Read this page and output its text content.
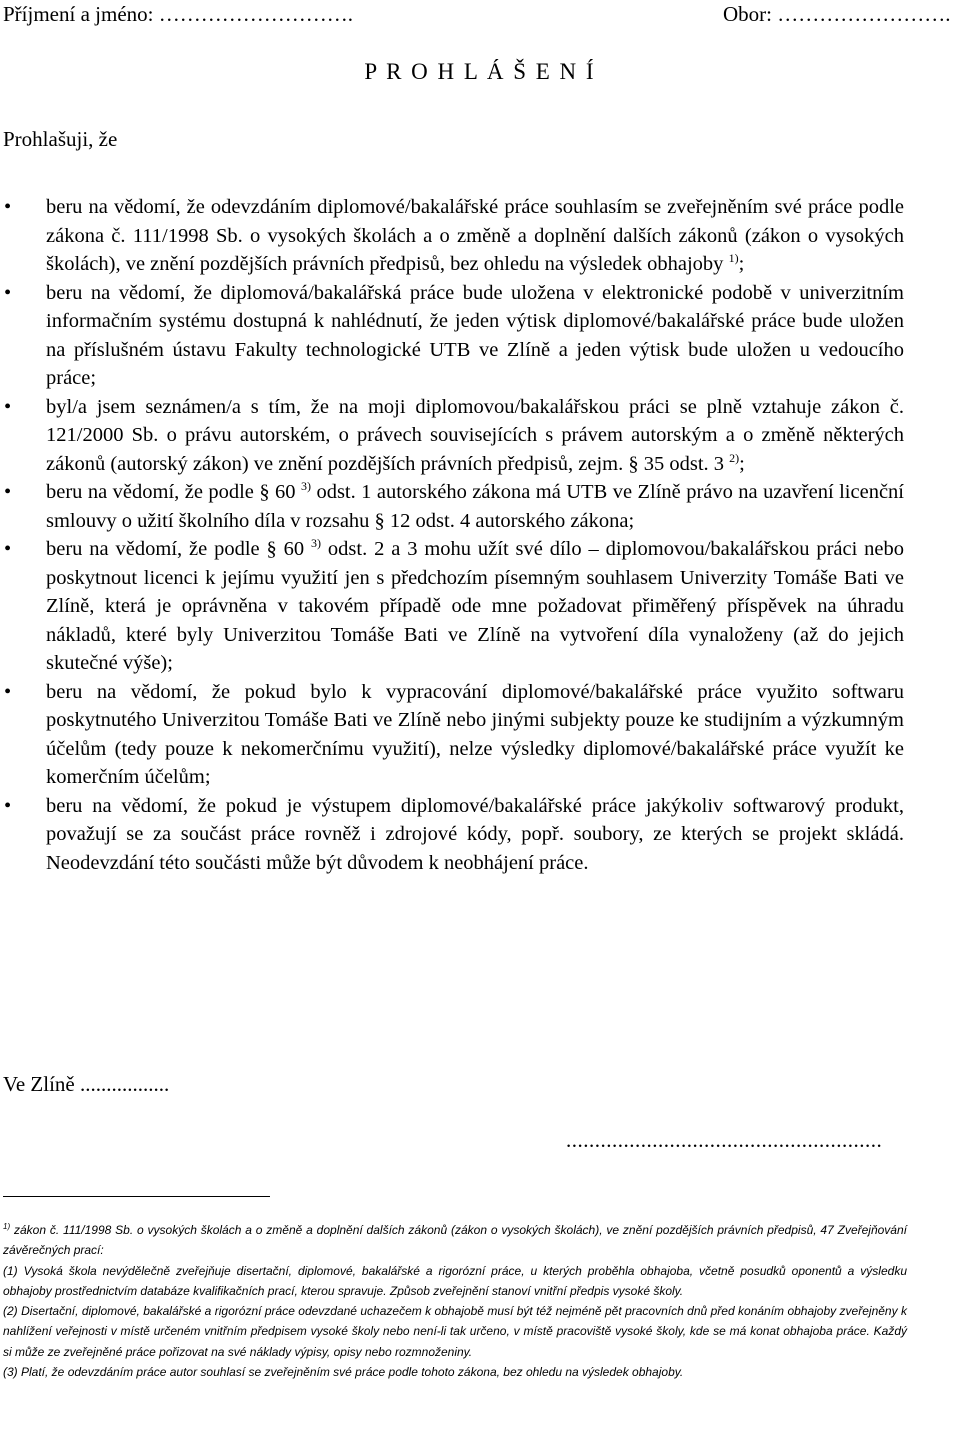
Příjmení a jméno: ……………………….	Obor: …………………….
P R O H L Á Š E N Í
Prohlašuji, že
•	beru na vědomí, že odevzdáním diplomové/bakalářské práce souhlasím se zveřejněním své práce podle zákona č. 111/1998 Sb. o vysokých školách a o změně a doplnění dalších zákonů (zákon o vysokých školách), ve znění pozdějších právních předpisů, bez ohledu na výsledek obhajoby $^{1)}$;
•	beru na vědomí, že diplomová/bakalářská práce bude uložena v elektronické podobě v univerzitním informačním systému dostupná k nahlédnutí, že jeden výtisk diplomové/bakalářské práce bude uložen na příslušném ústavu Fakulty technologické UTB ve Zlíně a jeden výtisk bude uložen u vedoucího práce;
•	byl/a jsem seznámen/a s tím, že na moji diplomovou/bakalářskou práci se plně vztahuje zákon č. 121/2000 Sb. o právu autorském, o právech souvisejících s právem autorským a o změně některých zákonů (autorský zákon) ve znění pozdějších právních předpisů, zejm. § 35 odst. 3 $^{2)}$;
•	beru na vědomí, že podle § 60 $^{3)}$ odst. 1 autorského zákona má UTB ve Zlíně právo na uzavření licenční smlouvy o užití školního díla v rozsahu § 12 odst. 4 autorského zákona;
•	beru na vědomí, že podle § 60 $^{3)}$ odst. 2 a 3 mohu užít své dílo – diplomovou/bakalářskou práci nebo poskytnout licenci k jejímu využití jen s předchozím písemným souhlasem Univerzity Tomáše Bati ve Zlíně, která je oprávněna v takovém případě ode mne požadovat přiměřený příspěvek na úhradu nákladů, které byly Univerzitou Tomáše Bati ve Zlíně na vytvoření díla vynaloženy (až do jejich skutečné výše);
•	beru na vědomí, že pokud bylo k vypracování diplomové/bakalářské práce využito softwaru poskytnutého Univerzitou Tomáše Bati ve Zlíně nebo jinými subjekty pouze ke studijním a výzkumným účelům (tedy pouze k nekomerčnímu využití), nelze výsledky diplomové/bakalářské práce využít ke komerčním účelům;
•	beru na vědomí, že pokud je výstupem diplomové/bakalářské práce jakýkoliv softwarový produkt, považují se za součást práce rovněž i zdrojové kódy, popř. soubory, ze kterých se projekt skládá. Neodevzdání této součásti může být důvodem k neobhájení práce.
Ve Zlíně .................
.......................................................

$^{1)}$ zákon č. 111/1998 Sb. o vysokých školách a o změně a doplnění dalších zákonů (zákon o vysokých školách), ve znění pozdějších právních předpisů, 47 Zveřejňování závěrečných prací:

(1) Vysoká škola nevýdělečně zveřejňuje disertační, diplomové, bakalářské a rigorózní práce, u kterých proběhla obhajoba, včetně posudků oponentů a výsledku obhajoby prostřednictvím databáze kvalifikačních prací, kterou spravuje. Způsob zveřejnění stanoví vnitřní předpis vysoké školy.

(2) Disertační, diplomové, bakalářské a rigorózní práce odevzdané uchazečem k obhajobě musí být též nejméně pět pracovních dnů před konáním obhajoby zveřejněny k nahlížení veřejnosti v místě určeném vnitřním předpisem vysoké školy nebo není-li tak určeno, v místě pracoviště vysoké školy, kde se má konat obhajoba práce. Každý si může ze zveřejněné práce pořizovat na své náklady výpisy, opisy nebo rozmnoženiny.

(3) Platí, že odevzdáním práce autor souhlasí se zveřejněním své práce podle tohoto zákona, bez ohledu na výsledek obhajoby.
